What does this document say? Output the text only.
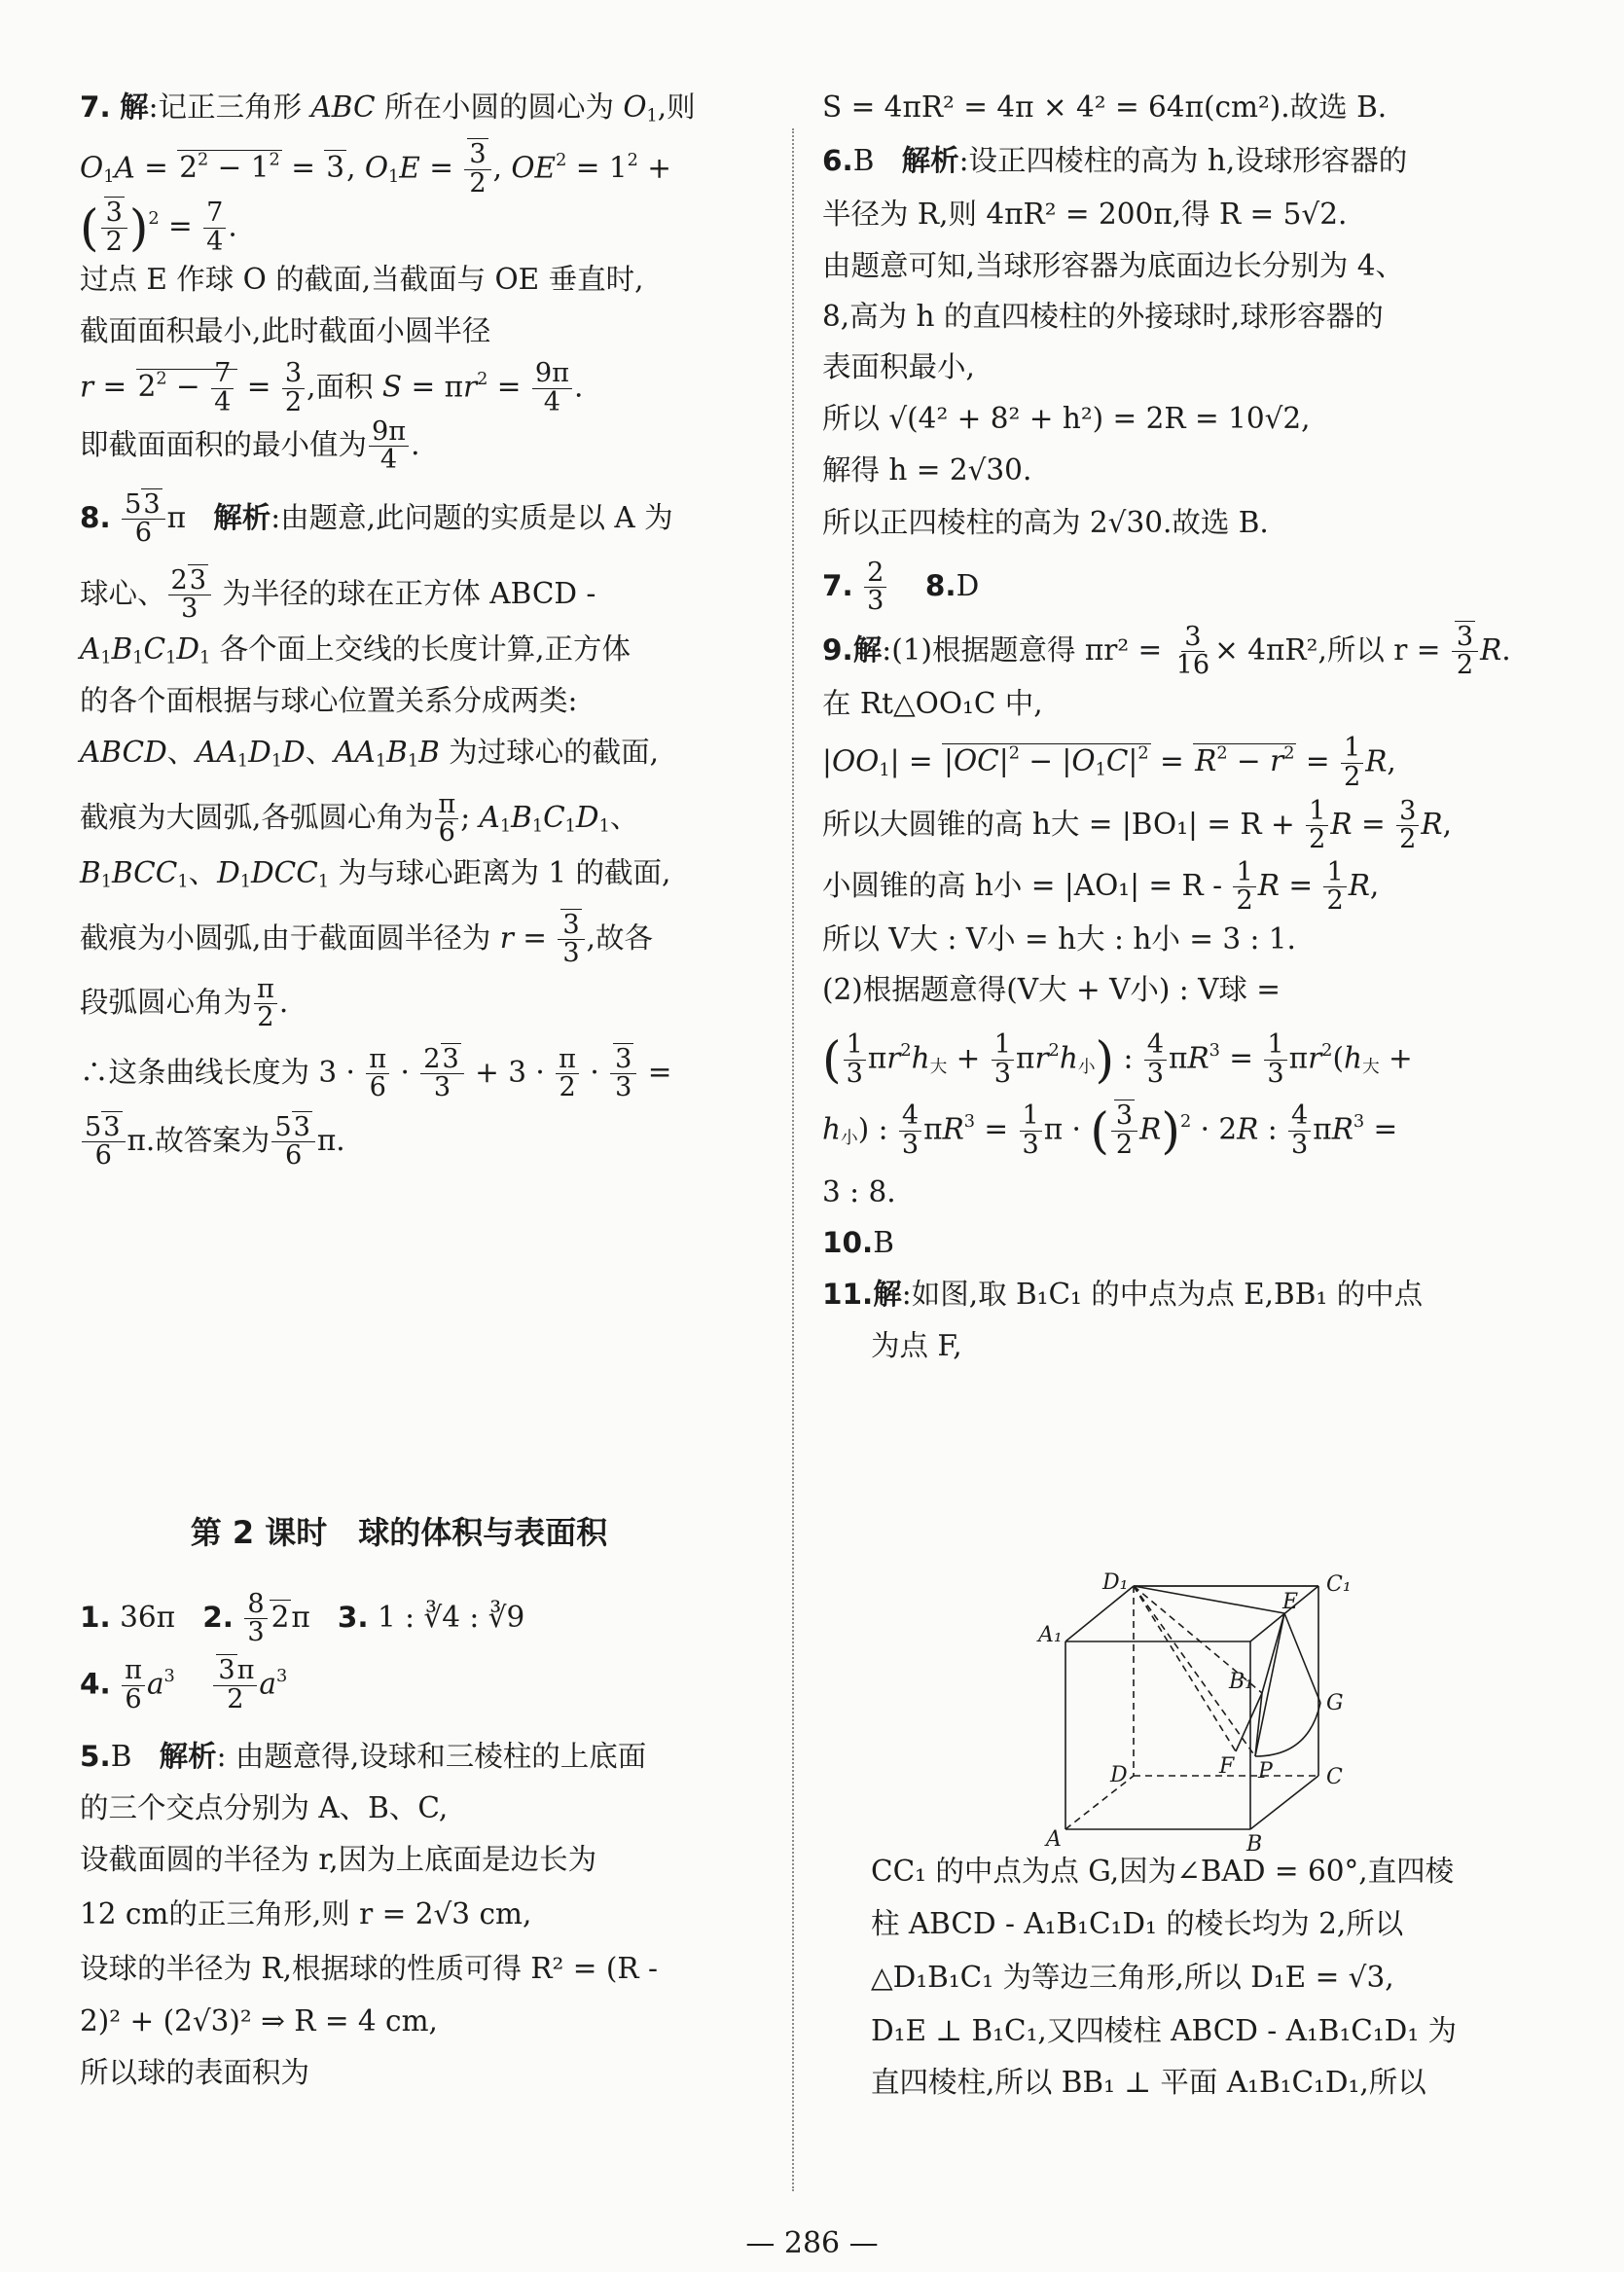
7. 解:记正三角形 ABC 所在小圆的圆心为 $O_1$,则
$O_1A = 2^2 - 1^2 = 3$, $O_1E = \frac{3}{2}$ , $OE^2 = 1^2$ +
( $\frac{3}{2} )^2 = \frac{7}{4}$ .
过点 E 作球 O 的截面,当截面与 OE 垂直时,
截面面积最小,此时截面小圆半径
$r = 2^2 - \frac{7}{4} = \frac{3}{2}$ ,面积 $S = \pi r^2 = \frac{9\pi}{4}$ .
即截面面积的最小值为 $\frac{9\pi}{4}$ .
8. $\frac{53}{6}$ π   解析:由题意,此问题的实质是以 A 为
球心、 $\frac{23}{3}$ 为半径的球在正方体 ABCD -
$A_1B_1C_1D_1$ 各个面上交线的长度计算,正方体
的各个面根据与球心位置关系分成两类:
ABCD、$AA_1D_1D$、$AA_1B_1B$ 为过球心的截面,
截痕为大圆弧,各弧圆心角为 $\frac{\pi}{6}$ ; $A_1B_1C_1D_1$、
$B_1BCC_1$、$D_1DCC_1$ 为与球心距离为 1 的截面,
截痕为小圆弧,由于截面圆半径为 $r = \frac{3}{3}$ ,故各
段弧圆心角为 $\frac{\pi}{2}$ .
∴这条曲线长度为 $3 \cdot \frac{\pi}{6} \cdot \frac{23}{3} + 3 \cdot \frac{\pi}{2} \cdot \frac{3}{3}$ =
$\frac{53}{6} \pi$.故答案为 $\frac{53}{6} \pi$.
第 2 课时　球的体积与表面积
1. 36π 2. $\frac{8}{3} 2\pi$   3. 1 : ∛4 : ∛9
4. $\frac{\pi}{6} a^3 \frac{3\pi}{2} a^3$
5.B 解析: 由题意得,设球和三棱柱的上底面
的三个交点分别为 A、B、C,
设截面圆的半径为 r,因为上底面是边长为
12 cm的正三角形,则 r = 2√3 cm,
设球的半径为 R,根据球的性质可得 R² = (R -
2)² + (2√3)² ⇒ R = 4 cm,
所以球的表面积为
S = 4πR² = 4π × 4² = 64π(cm²).故选 B.
6.B 解析:设正四棱柱的高为 h,设球形容器的
半径为 R,则 4πR² = 200π,得 R = 5√2.
由题意可知,当球形容器为底面边长分别为 4、
8,高为 h 的直四棱柱的外接球时,球形容器的
表面积最小,
所以 √(4² + 8² + h²) = 2R = 10√2,
解得 h = 2√30.
所以正四棱柱的高为 2√30.故选 B.
7. $\frac{2}{3} 8.D$
9.解:(1)根据题意得 $\pi r^2 = \frac{3}{16} \times 4\pi R^2$,所以 $r = \frac{3}{2} R$.
在 Rt△OO₁C 中,
$|OO_1| = |OC|^2 - |O_1C|^2 = R^2 - r^2 = \frac{1}{2} R$,
所以大圆锥的高 h大 = $|BO_1| = R + \frac{1}{2}$ $R = \frac{3}{2} R$,
小圆锥的高 h小 = $|AO_1| = R - \frac{1}{2}$ $R = \frac{1}{2} R$,
所以 V大 : V小 = h大 : h小 = 3 : 1.
(2)根据题意得(V大 + V小) : V球 =
( $\frac{1}{3} \pi r^2h_大 + \frac{1}{3} \pi r^2h_小$) : $\frac{4}{3} \pi R^3 = \frac{1}{3} \pi r^2(h_大$ +
$h_小$) : $\frac{4}{3} \pi R^3 = \frac{1}{3}$ π · ( $\frac{3}{2} R)^2 \cdot 2R$ : $\frac{4}{3} \pi R^3$ =
3 : 8.
10.B
11.解:如图,取 B₁C₁ 的中点为点 E,BB₁ 的中点
为点 F,
CC₁ 的中点为点 G,因为∠BAD = 60°,直四棱
柱 ABCD - A₁B₁C₁D₁ 的棱长均为 2,所以
△D₁B₁C₁ 为等边三角形,所以 D₁E = √3,
D₁E ⊥ B₁C₁,又四棱柱 ABCD - A₁B₁C₁D₁ 为
直四棱柱,所以 BB₁ ⊥ 平面 A₁B₁C₁D₁,所以
D₁	C₁
A₁
E
B₁
G
D	F P	C
A	B
— 286 —
